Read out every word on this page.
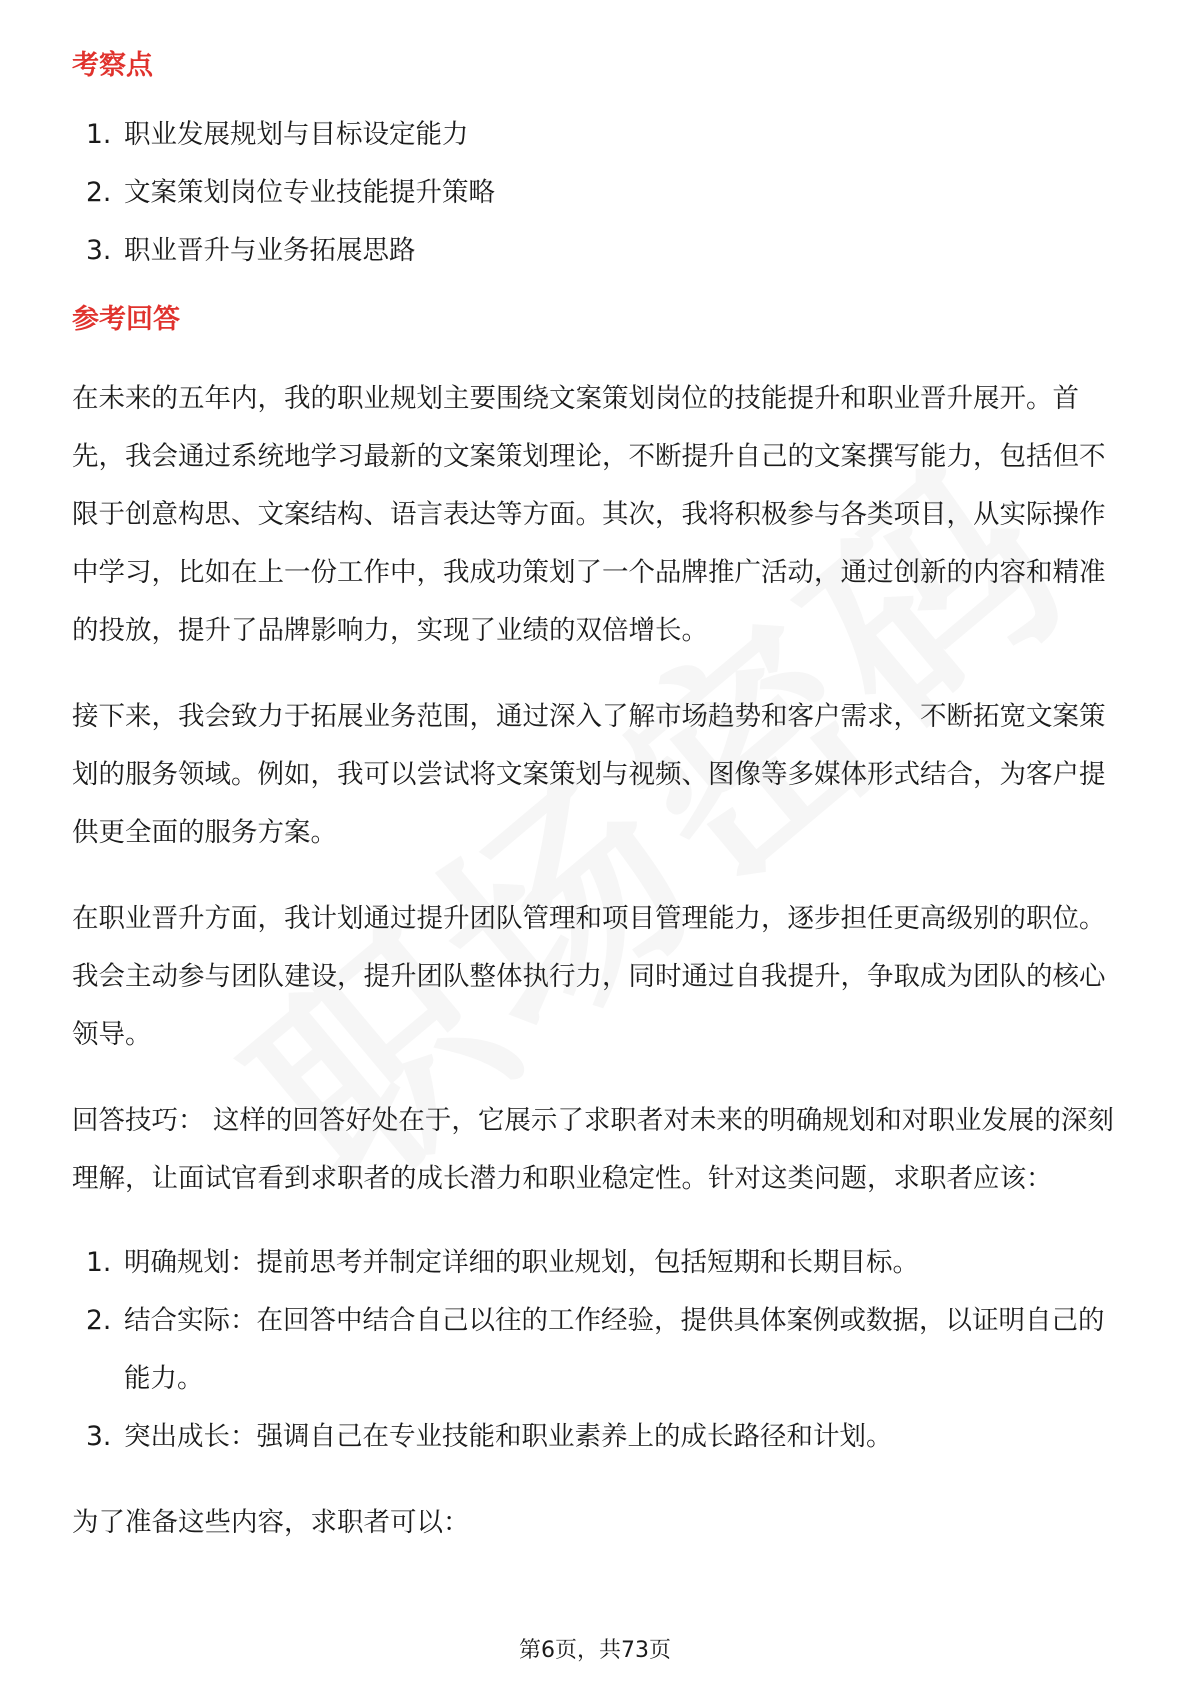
考察点
1. 职业发展规划与目标设定能力
2. 文案策划岗位专业技能提升策略
3. 职业晋升与业务拓展思路
参考回答

在未来的五年内，我的职业规划主要围绕文案策划岗位的技能提升和职业晋升展开。首先，我会通过系统地学习最新的文案策划理论，不断提升自己的文案撰写能力，包括但不限于创意构思、文案结构、语言表达等方面。其次，我将积极参与各类项目，从实际操作中学习，比如在上一份工作中，我成功策划了一个品牌推广活动，通过创新的内容和精准的投放，提升了品牌影响力，实现了业绩的双倍增长。

接下来，我会致力于拓展业务范围，通过深入了解市场趋势和客户需求，不断拓宽文案策划的服务领域。例如，我可以尝试将文案策划与视频、图像等多媒体形式结合，为客户提供更全面的服务方案。

在职业晋升方面，我计划通过提升团队管理和项目管理能力，逐步担任更高级别的职位。我会主动参与团队建设，提升团队整体执行力，同时通过自我提升，争取成为团队的核心领导。

回答技巧： 这样的回答好处在于，它展示了求职者对未来的明确规划和对职业发展的深刻理解，让面试官看到求职者的成长潜力和职业稳定性。针对这类问题，求职者应该：

1. 明确规划：提前思考并制定详细的职业规划，包括短期和长期目标。
2. 结合实际：在回答中结合自己以往的工作经验，提供具体案例或数据，以证明自己的能力。
3. 突出成长：强调自己在专业技能和职业素养上的成长路径和计划。

为了准备这些内容，求职者可以：

第6页，共73页
